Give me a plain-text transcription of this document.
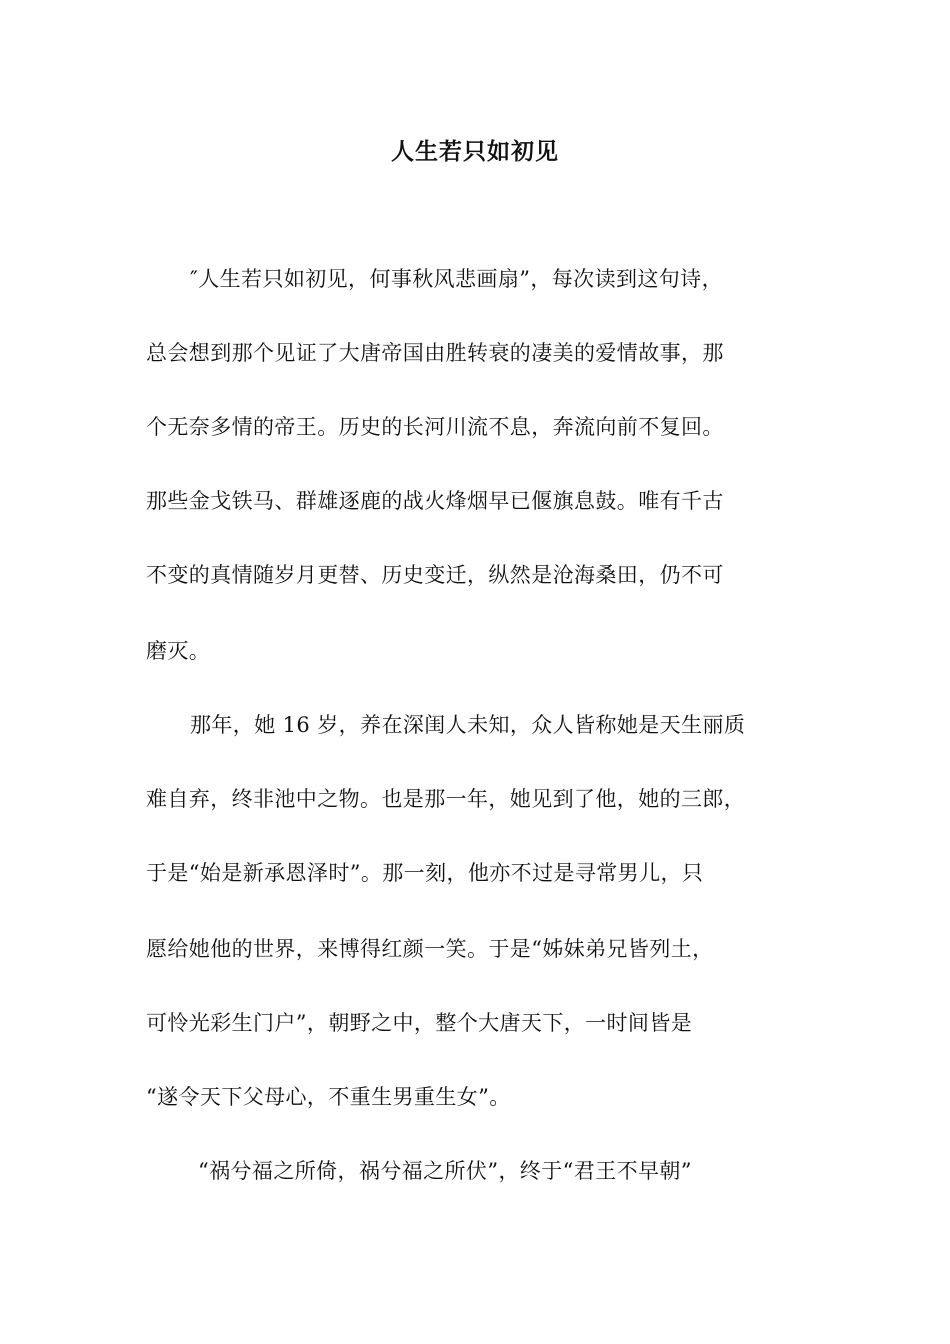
人生若只如初见
″人生若只如初见，何事秋风悲画扇”，每次读到这句诗，
总会想到那个见证了大唐帝国由胜转衰的凄美的爱情故事，那
个无奈多情的帝王。历史的长河川流不息，奔流向前不复回。
那些金戈铁马、群雄逐鹿的战火烽烟早已偃旗息鼓。唯有千古
不变的真情随岁月更替、历史变迁，纵然是沧海桑田，仍不可
磨灭。
那年，她 16 岁，养在深闺人未知，众人皆称她是天生丽质
难自弃，终非池中之物。也是那一年，她见到了他，她的三郎，
于是“始是新承恩泽时”。那一刻，他亦不过是寻常男儿，只
愿给她他的世界，来博得红颜一笑。于是“姊妹弟兄皆列土，
可怜光彩生门户”，朝野之中，整个大唐天下，一时间皆是
“遂令天下父母心，不重生男重生女”。
“祸兮福之所倚，祸兮福之所伏”，终于“君王不早朝”
